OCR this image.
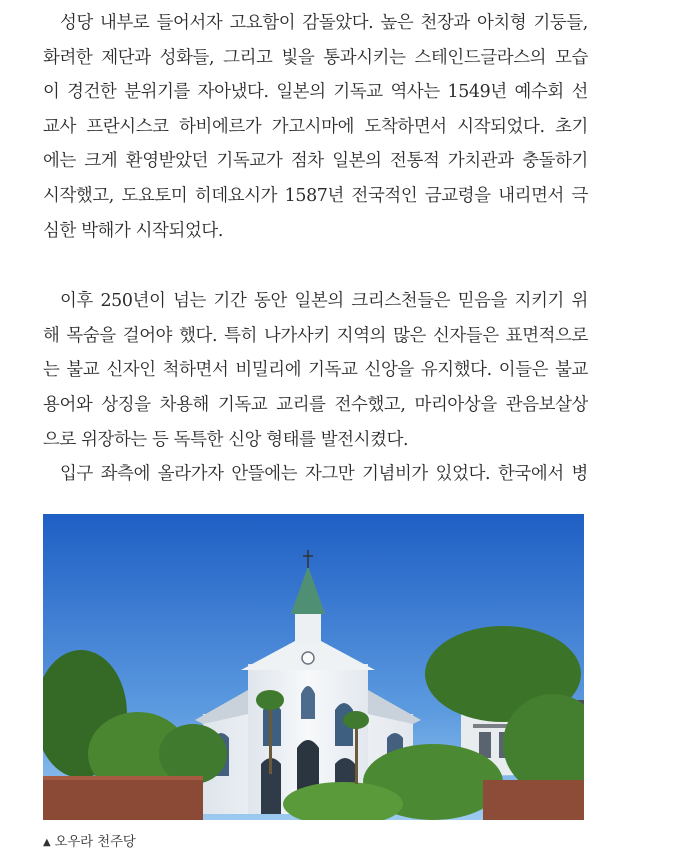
성당 내부로 들어서자 고요함이 감돌았다. 높은 천장과 아치형 기둥들,
화려한 제단과 성화들, 그리고 빛을 통과시키는 스테인드글라스의 모습
이 경건한 분위기를 자아냈다. 일본의 기독교 역사는 1549년 예수회 선
교사 프란시스코 하비에르가 가고시마에 도착하면서 시작되었다. 초기
에는 크게 환영받았던 기독교가 점차 일본의 전통적 가치관과 충돌하기
시작했고, 도요토미 히데요시가 1587년 전국적인 금교령을 내리면서 극
심한 박해가 시작되었다.
이후 250년이 넘는 기간 동안 일본의 크리스천들은 믿음을 지키기 위
해 목숨을 걸어야 했다. 특히 나가사키 지역의 많은 신자들은 표면적으로
는 불교 신자인 척하면서 비밀리에 기독교 신앙을 유지했다. 이들은 불교
용어와 상징을 차용해 기독교 교리를 전수했고, 마리아상을 관음보살상
으로 위장하는 등 독특한 신앙 형태를 발전시켰다.
입구 좌측에 올라가자 안뜰에는 자그만 기념비가 있었다. 한국에서 병
▲ 오우라 천주당
